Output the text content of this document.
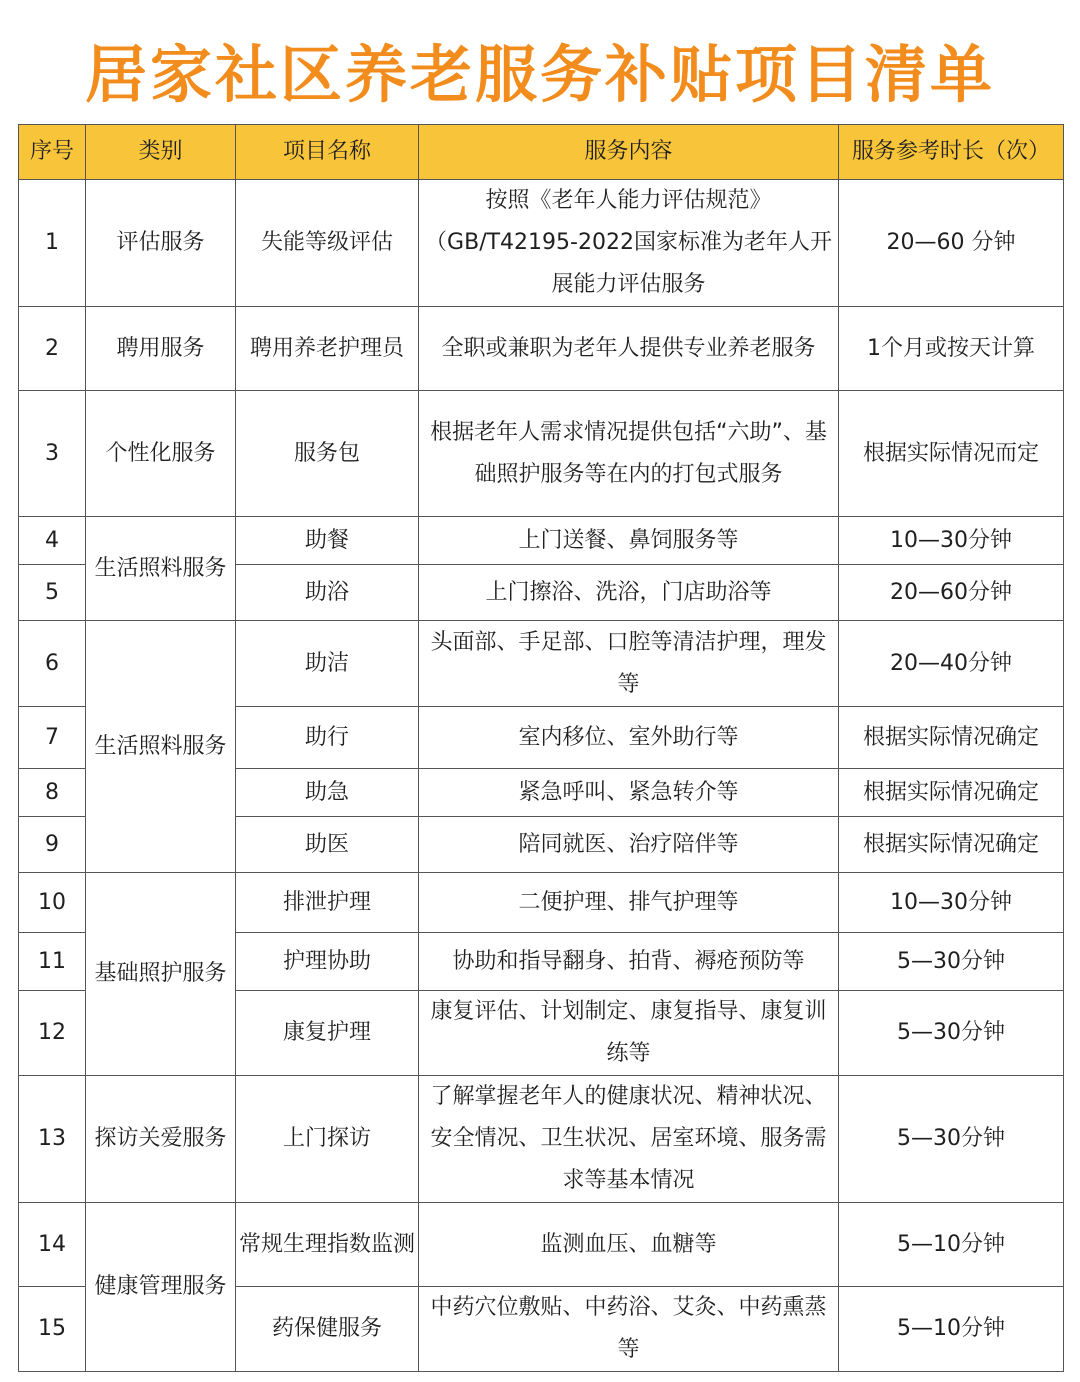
居家社区养老服务补贴项目清单
序号	类别	项目名称	服务内容	服务参考时长（次）
1	评估服务	失能等级评估	按照《老年人能力评估规范》（GB/T42195-2022国家标准为老年人开展能力评估服务	20—60 分钟
2	聘用服务	聘用养老护理员	全职或兼职为老年人提供专业养老服务	1个月或按天计算
3	个性化服务	服务包	根据老年人需求情况提供包括“六助”、基础照护服务等在内的打包式服务	根据实际情况而定
4	生活照料服务	助餐	上门送餐、鼻饲服务等	10—30分钟
5		助浴	上门擦浴、洗浴，门店助浴等	20—60分钟
6	生活照料服务	助洁	头面部、手足部、口腔等清洁护理，理发等	20—40分钟
7		助行	室内移位、室外助行等	根据实际情况确定
8		助急	紧急呼叫、紧急转介等	根据实际情况确定
9		助医	陪同就医、治疗陪伴等	根据实际情况确定
10	基础照护服务	排泄护理	二便护理、排气护理等	10—30分钟
11		护理协助	协助和指导翻身、拍背、褥疮预防等	5—30分钟
12		康复护理	康复评估、计划制定、康复指导、康复训练等	5—30分钟
13	探访关爱服务	上门探访	了解掌握老年人的健康状况、精神状况、安全情况、卫生状况、居室环境、服务需求等基本情况	5—30分钟
14	健康管理服务	常规生理指数监测	监测血压、血糖等	5—10分钟
15		药保健服务	中药穴位敷贴、中药浴、艾灸、中药熏蒸等	5—10分钟
